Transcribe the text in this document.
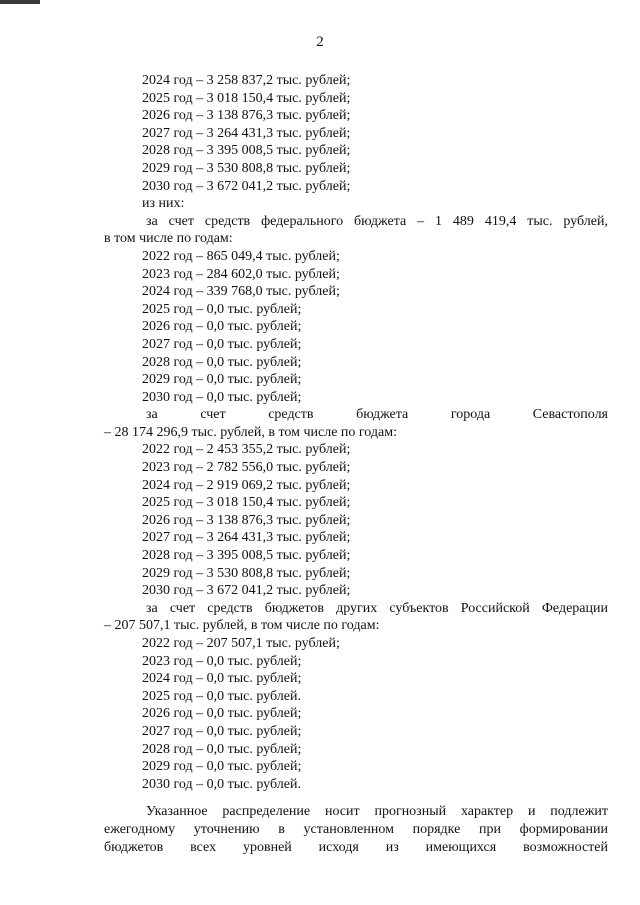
2
2024 год – 3 258 837,2 тыс. рублей;
2025 год – 3 018 150,4 тыс. рублей;
2026 год – 3 138 876,3 тыс. рублей;
2027 год – 3 264 431,3 тыс. рублей;
2028 год – 3 395 008,5 тыс. рублей;
2029 год – 3 530 808,8 тыс. рублей;
2030 год – 3 672 041,2 тыс. рублей;
из них:
за счет средств федерального бюджета – 1 489 419,4 тыс. рублей,
в том числе по годам:
2022 год – 865 049,4 тыс. рублей;
2023 год – 284 602,0 тыс. рублей;
2024 год – 339 768,0 тыс. рублей;
2025 год – 0,0 тыс. рублей;
2026 год – 0,0 тыс. рублей;
2027 год – 0,0 тыс. рублей;
2028 год – 0,0 тыс. рублей;
2029 год – 0,0 тыс. рублей;
2030 год – 0,0 тыс. рублей;
за счет средств бюджета города Севастополя
– 28 174 296,9 тыс. рублей, в том числе по годам:
2022 год – 2 453 355,2 тыс. рублей;
2023 год – 2 782 556,0 тыс. рублей;
2024 год – 2 919 069,2 тыс. рублей;
2025 год – 3 018 150,4 тыс. рублей;
2026 год – 3 138 876,3 тыс. рублей;
2027 год – 3 264 431,3 тыс. рублей;
2028 год – 3 395 008,5 тыс. рублей;
2029 год – 3 530 808,8 тыс. рублей;
2030 год – 3 672 041,2 тыс. рублей;
за счет средств бюджетов других субъектов Российской Федерации
– 207 507,1 тыс. рублей, в том числе по годам:
2022 год – 207 507,1 тыс. рублей;
2023 год – 0,0 тыс. рублей;
2024 год – 0,0 тыс. рублей;
2025 год – 0,0 тыс. рублей.
2026 год – 0,0 тыс. рублей;
2027 год – 0,0 тыс. рублей;
2028 год – 0,0 тыс. рублей;
2029 год – 0,0 тыс. рублей;
2030 год – 0,0 тыс. рублей.
Указанное распределение носит прогнозный характер и подлежит
ежегодному уточнению в установленном порядке при формировании
бюджетов всех уровней исходя из имеющихся возможностей
